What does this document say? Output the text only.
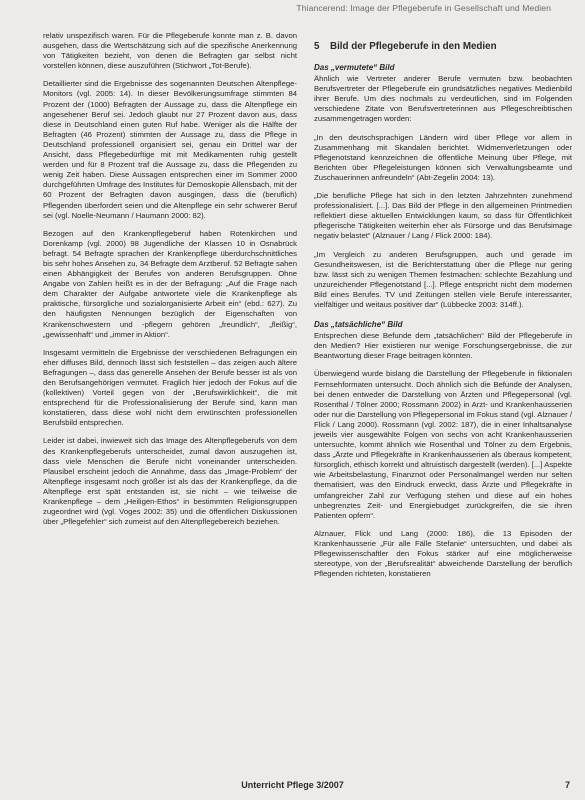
Thiancerend: Image der Pflegeberufe in Gesellschaft und Medien

relativ unspezifisch waren. Für die Pflegeberufe konnte man z. B. davon ausgehen, dass die Wertschätzung sich auf die spezifische Anerkennung von Tätigkeiten bezieht, von denen die Befragten gar selbst nicht vorstellen können, diese auszuführen (Stichwort „Tot-Berufe).

Detaillierter sind die Ergebnisse des sogenannten Deutschen Altenpflege-Monitors (vgl. 2005: 14). In dieser Bevölkerungsumfrage stimmten 84 Prozent der (1000) Befragten der Aussage zu, dass die Altenpflege ein angesehener Beruf sei. Jedoch glaubt nur 27 Prozent davon aus, dass diese in Deutschland einen guten Ruf habe. Weniger als die Hälfte der Befragten (46 Prozent) stimmten der Aussage zu, dass die Pflege in Deutschland professionell organisiert sei, genau ein Drittel war der Ansicht, dass Pflegebedürftige mit mit Medikamenten ruhig gestellt werden und für 8 Prozent traf die Aussage zu, dass die Pflegenden zu wenig Zeit haben. Diese Aussagen entsprechen einer im Sommer 2000 durchgeführten Umfrage des Institutes für Demoskopie Allensbach, mit der 60 Prozent der Befragten davon ausgingen, dass die (beruflich) Pflegenden überfordert seien und die Altenpflege ein sehr schwerer Beruf sei (vgl. Noelle-Neumann / Haumann 2000: 82).

Bezogen auf den Krankenpflegeberuf haben Rotenkirchen und Dorenkamp (vgl. 2000) 98 Jugendliche der Klassen 10 in Osnabrück befragt. 54 Befragte sprachen der Krankenpflege überdurchschnittliches bis sehr hohes Ansehen zu, 34 Befragte dem Arztberuf. 52 Befragte sahen einen Abhängigkeit der Berufes von anderen Berufsgruppen. Ohne Angabe von Zahlen heißt es in der der Befragung: „Auf die Frage nach dem Charakter der Aufgabe antwortete viele die Krankenpflege als praktische, fürsorgliche und sozialorganisierte Arbeit ein“ (ebd.: 627). Zu den häufigsten Nennungen bezüglich der Eigenschaften von Krankenschwestern und -pflegern gehören „freundlich“, „fleißig“, „gewissenhaft“ und „immer in Aktion“.

Insgesamt vermitteln die Ergebnisse der verschiedenen Befragungen ein eher diffuses Bild, dennoch lässt sich feststellen – das zeigen auch ältere Befragungen –, dass das generelle Ansehen der Berufe besser ist als von den Berufsangehörigen vermutet. Fraglich hier jedoch der Fokus auf die (kollektiven) Vorteil gegen von der „Berufswirklichkeit“, die mit entsprechend für die Professionalisierung der Berufe sind, kann man konstatieren, dass diese wohl nicht dem erwünschten professionellen Berufsbild entsprechen.

Leider ist dabei, inwieweit sich das Image des Altenpflegeberufs von dem des Krankenpflegeberufs unterscheidet, zumal davon auszugehen ist, dass viele Menschen die Berufe nicht voneinander unterscheiden. Plausibel erscheint jedoch die Annahme, dass das „Image-Problem“ der Altenpflege insgesamt noch größer ist als das der Krankenpflege, da die Altenpflege erst spät entstanden ist, sie nicht – wie teilweise die Krankenpflege – dem „Heiligen-Ethos“ in bestimmten Religionsgruppen zugeordnet wird (vgl. Voges 2002: 35) und die öffentlichen Diskussionen über „Pflegefehler“ sich zumeist auf den Altenpflegebereich beziehen.

5 Bild der Pflegeberufe in den Medien
Das „vermutete“ Bild

Ähnlich wie Vertreter anderer Berufe vermuten bzw. beobachten Berufsvertreter der Pflegeberufe ein grundsätzliches negatives Medienbild ihrer Berufe. Um dies nochmals zu verdeutlichen, sind im Folgenden verschiedene Zitate von Berufsvertreterinnen aus Pflegeschreibtischen zusammengetragen worden:

„In den deutschsprachigen Ländern wird über Pflege vor allem in Zusammenhang mit Skandalen berichtet. Widmenverletzungen oder Pflegenotstand kennzeichnen die öffentliche Meinung über Pflege, mit Berichten über Pflegeleistungen können sich Verwaltungsbeamte und Zuschauerinnen anfreundeln“ (Abt-Zegelin 2004: 13).

„Die berufliche Pflege hat sich in den letzten Jahrzehnten zunehmend professionalisiert. [...]. Das Bild der Pflege in den allgemeinen Printmedien reflektiert diese aktuellen Entwicklungen kaum, so dass für Öffentlichkeit pflegerische Tätigkeiten weiterhin eher als Fürsorge und das Berufsimage negativ belastet“ (Alznauer / Lang / Flick 2000: 184).

„Im Vergleich zu anderen Berufsgruppen, auch und gerade im Gesundheitswesen, ist die Berichterstattung über die Pflege nur gering bzw. lässt sich zu wenigen Themen festmachen: schlechte Bezahlung und unzureichender Pflegenotstand [...]. Pflege entspricht nicht dem modernen Bild eines Berufes. TV und Zeitungen stellen viele Berufe interessanter, vielfältiger und weitaus positiver dar“ (Lübbecke 2003: 314ff.).

Das „tatsächliche“ Bild

Entsprechen diese Befunde dem „tatsächlichen“ Bild der Pflegeberufe in den Medien? Hier existieren nur wenige Forschungsergebnisse, die zur Beantwortung dieser Frage beitragen könnten.

Überwiegend wurde bislang die Darstellung der Pflegeberufe in fiktionalen Fernsehformaten untersucht. Doch ähnlich sich die Befunde der Analysen, bei denen entweder die Darstellung von Ärzten und Pflegepersonal (vgl. Rosenthal / Tölner 2000; Rossmann 2002) in Arzt- und Krankenhausserien oder nur die Darstellung von Pflegepersonal im Fokus stand (vgl. Alznauer / Flick / Lang 2000). Rossmann (vgl. 2002: 187), die in einer Inhaltsanalyse jeweils vier ausgewählte Folgen von sechs von acht Krankenhausserien untersuchte, kommt ähnlich wie Rosenthal und Tölner zu dem Ergebnis, dass „Ärzte und Pflegekräfte in Krankenhausserien als überaus kompetent, fürsorglich, ethisch korrekt und altruistisch dargestellt (werden). [...] Aspekte wie Arbeitsbelastung, Finanznot oder Personalmangel werden nur selten thematisiert, was den Eindruck erweckt, dass Ärzte und Pflegekräfte in umfangreicher Zahl zur Verfügung stehen und diese auf ein hohes unbegrenztes Zeit- und Energiebudget zurückgreifen, die sie ihren Patienten opfern“.

Alznauer, Flick und Lang (2000: 186), die 13 Episoden der Krankenhausserie „Für alle Fälle Stefanie“ untersuchten, und dabei als Pflegewissenschaftler den Fokus stärker auf eine möglicherweise stereotype, von der „Berufsrealität“ abweichende Darstellung der beruflich Pflegenden richteten, konstatieren

Unterricht Pflege 3/2007	7
